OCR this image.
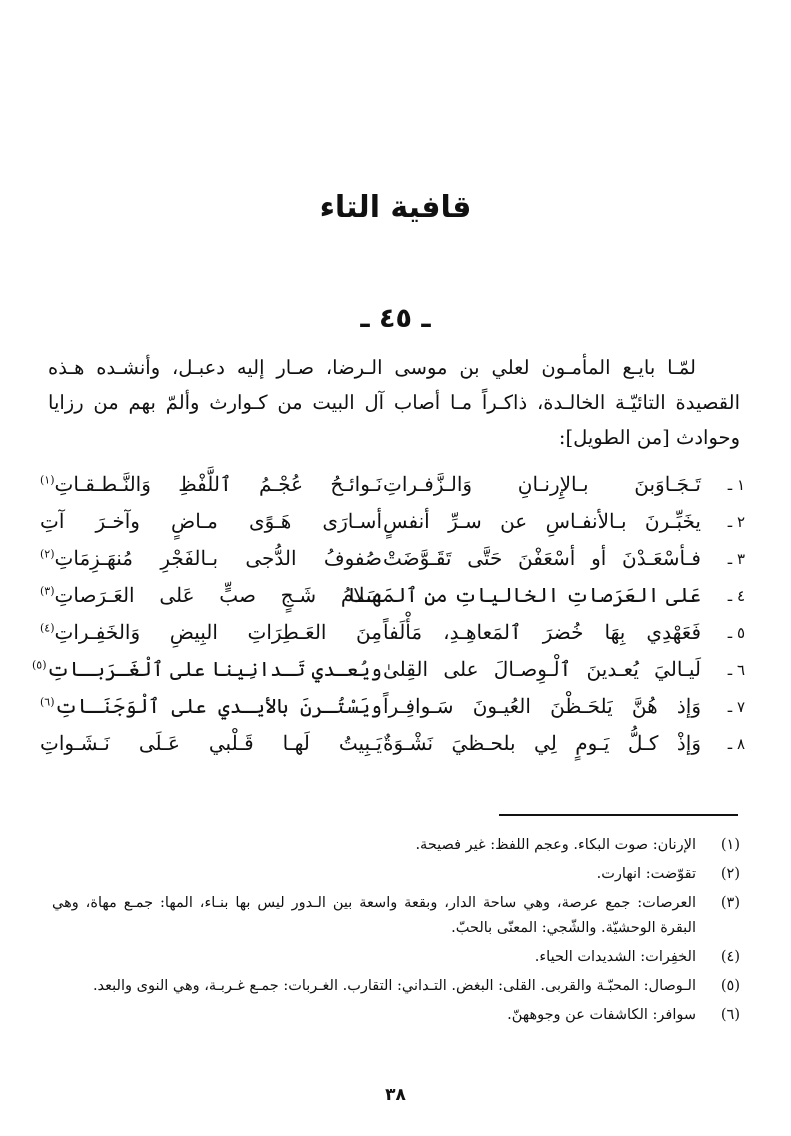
قافية التاء
ـ ٤٥ ـ

لمّـا بايـع المأمـون لعلي بن موسى الـرضا، صـار إليه دعبـل، وأنشـده هـذه القصيدة التائيّـة الخالـدة، ذاكـراً مـا أصاب آل البيت من كـوارث وألمّ بهم من رزايا وحوادث [من الطويل]:

١ ـ
تَـجَـاوَبنَ بـالإِرنـانِ وَالـزَّفـراتِ
نَـوائـحُ عُجْـمُ ٱللَّفْظِ وَالنَّـطـقـاتِ$^{(١)}$
٢ ـ
يخَبِّـرنَ بـالأنفـاسِ عن سـرِّ أنفسٍ
أسـارَى هَـوًى مـاضٍ وآخـرَ آتِ
٣ ـ
فـأسْعَـدْنَ أو أسْعَفْنَ حَتَّى تَقَـوَّضَتْ
صُفوفُ الدُّجى بـالفَجْرِ مُنهَـزِمَاتِ$^{(٢)}$
٤ ـ
عَلى العَرَصاتِ الخالياتِ من ٱلمَهـا
سَلامُ شَـجٍ صبٍّ عَلى العَـرَصاتِ$^{(٣)}$
٥ ـ
فَعَهْدِي بِهَا خُضرَ ٱلمَعاهِـدِ، مَأْلَفاً
مِنَ العَـطِرَاتِ البِيضِ وَالخَفِـراتِ$^{(٤)}$
٦ ـ
لَيـاليَ يُعـدينَ ٱلْـوِصـالَ على القِلىٰ
ويُعـدي تَـدانِينا على ٱلْغَـرَبـاتِ$^{(٥)}$
٧ ـ
وَإذ هُنَّ يَلحَـظْنَ العُيـونَ سَـوافِـراً
ويَسْتُـرنَ بالأيـدي على ٱلْوَجَنَـاتِ$^{(٦)}$
٨ ـ
وَإذْ كـلُّ يَـومٍ لِي بلحـظيَ نَشْـوَةٌ
يَـبِيتُ لَهـا قَـلْبي عَـلَى نَـشَـواتِ
(١)
الإرنان: صوت البكاء. وعجم اللفظ: غير فصيحة.
(٢)
تقوّضت: انهارت.
(٣)
العرصات: جمع عرصة، وهي ساحة الدار، وبقعة واسعة بين الـدور ليس بها بنـاء، المها: جمـع مهاة، وهي البقرة الوحشيّة. والشّجي: المعنّى بالحبّ.
(٤)
الخفِرات: الشديدات الحياء.
(٥)
الـوصال: المحبّـة والقربى. القلى: البغض. التـداني: التقارب. الغـربات: جمـع غـربـة، وهي النوى والبعد.
(٦)
سوافر: الكاشفات عن وجوههنّ.
٣٨
